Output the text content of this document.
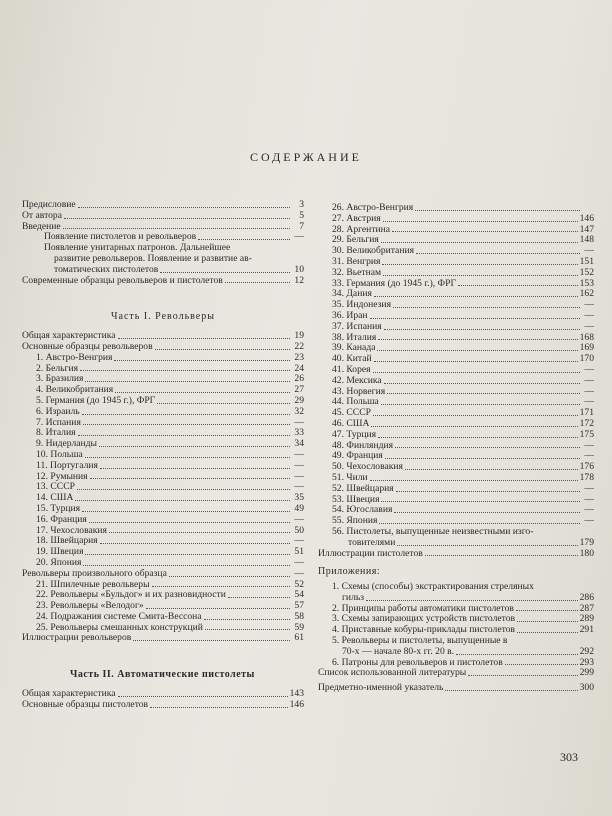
СОДЕРЖАНИЕ
Предисловие	3
От автора	5
Введение	7
Появление пистолетов и револьверов	—
Появление унитарных патронов. Дальнейшее
развитие револьверов. Появление и развитие ав-
томатических пистолетов	10
Современные образцы револьверов и пистолетов	12
Часть I. Револьверы
Общая характеристика	19
Основные образцы револьверов	22
1. Австро-Венгрия	23
2. Бельгия	24
3. Бразилия	26
4. Великобритания	27
5. Германия (до 1945 г.), ФРГ	29
6. Израиль	32
7. Испания	—
8. Италия	33
9. Нидерланды	34
10. Польша	—
11. Португалия	—
12. Румыния	—
13. СССР	—
14. США	35
15. Турция	49
16. Франция	—
17. Чехословакия	50
18. Швейцария	—
19. Швеция	51
20. Япония	—
Револьверы произвольного образца	—
21. Шпилечные револьверы	52
22. Револьверы «Бульдог» и их разновидности	54
23. Револьверы «Велодог»	57
24. Подражания системе Смита-Вессона	58
25. Револьверы смешанных конструкций	59
Иллюстрации револьверов	61
Часть II. Автоматические пистолеты
Общая характеристика	143
Основные образцы пистолетов	146
26. Австро-Венгрия
27. Австрия	146
28. Аргентина	147
29. Бельгия	148
30. Великобритания	—
31. Венгрия	151
32. Вьетнам	152
33. Германия (до 1945 г.), ФРГ	153
34. Дания	162
35. Индонезия	—
36. Иран	—
37. Испания	—
38. Италия	168
39. Канада	169
40. Китай	170
41. Корея	—
42. Мексика	—
43. Норвегия	—
44. Польша	—
45. СССР	171
46. США	172
47. Турция	175
48. Финляндия	—
49. Франция	—
50. Чехословакия	176
51. Чили	178
52. Швейцария	—
53. Швеция	—
54. Югославия	—
55. Япония	—
56. Пистолеты, выпущенные неизвестными изго-
товителями	179
Иллюстрации пистолетов	180
Приложения:
1. Схемы (способы) экстрактирования стреляных
гильз	286
2. Принципы работы автоматики пистолетов	287
3. Схемы запирающих устройств пистолетов	289
4. Приставные кобуры-приклады пистолетов	291
5. Револьверы и пистолеты, выпущенные в
70-х — начале 80-х гг. 20 в.	292
6. Патроны для револьверов и пистолетов	293
Список использованной литературы	299
Предметно-именной указатель	300
303
